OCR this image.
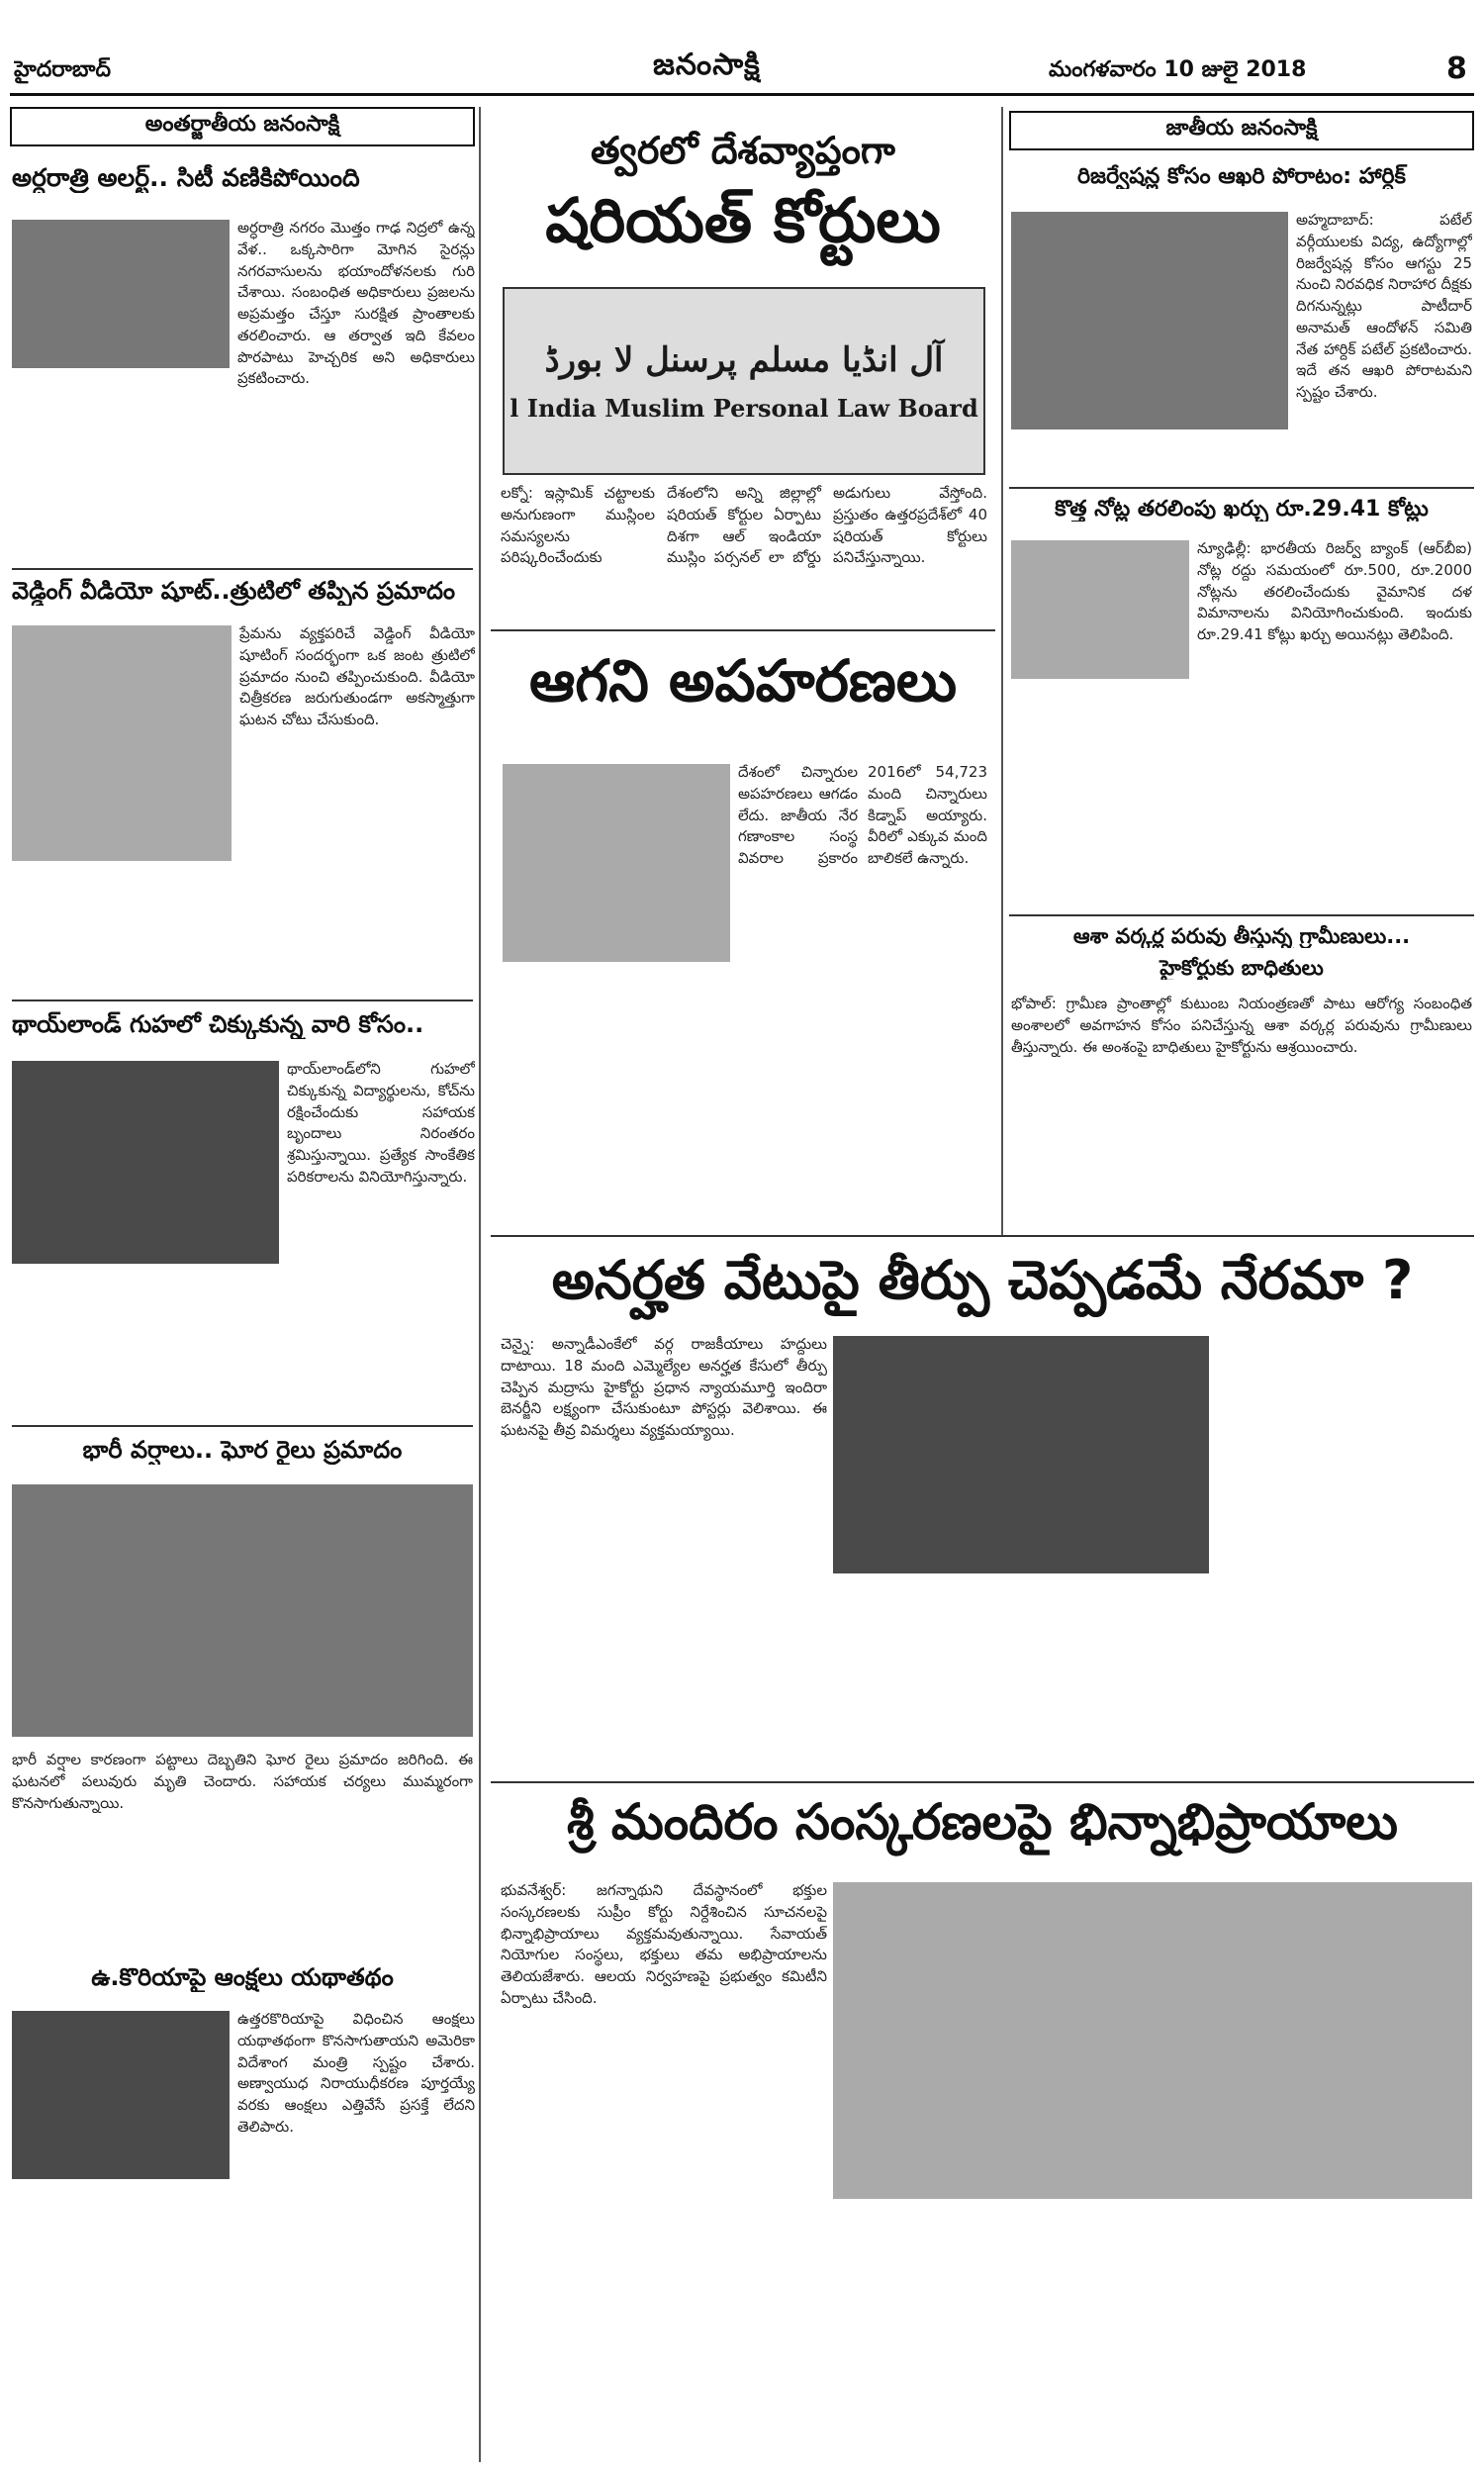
హైదరాబాద్	జనంసాక్షి	మంగళవారం 10 జులై 2018	8
అంతర్జాతీయ జనంసాక్షి	జాతీయ జనంసాక్షి
అర్ధరాత్రి అలర్ట్.. సిటీ వణికిపోయింది
అర్ధరాత్రి నగరం మొత్తం గాఢ నిద్రలో ఉన్న వేళ.. ఒక్కసారిగా మోగిన సైరన్లు నగరవాసులను భయాందోళనలకు గురి చేశాయి. సంబంధిత అధికారులు ప్రజలను అప్రమత్తం చేస్తూ సురక్షిత ప్రాంతాలకు తరలించారు. ఆ తర్వాత ఇది కేవలం పొరపాటు హెచ్చరిక అని అధికారులు ప్రకటించారు.
వెడ్డింగ్ వీడియో షూట్..త్రుటిలో తప్పిన ప్రమాదం
ప్రేమను వ్యక్తపరిచే వెడ్డింగ్ వీడియో షూటింగ్ సందర్భంగా ఒక జంట త్రుటిలో ప్రమాదం నుంచి తప్పించుకుంది. వీడియో చిత్రీకరణ జరుగుతుండగా అకస్మాత్తుగా ఘటన చోటు చేసుకుంది.
థాయ్‌లాండ్ గుహలో చిక్కుకున్న వారి కోసం..
థాయ్‌లాండ్‌లోని గుహలో చిక్కుకున్న విద్యార్థులను, కోచ్‌ను రక్షించేందుకు సహాయక బృందాలు నిరంతరం శ్రమిస్తున్నాయి. ప్రత్యేక సాంకేతిక పరికరాలను వినియోగిస్తున్నారు.
భారీ వర్షాలు.. ఘోర రైలు ప్రమాదం
భారీ వర్షాల కారణంగా పట్టాలు దెబ్బతిని ఘోర రైలు ప్రమాదం జరిగింది. ఈ ఘటనలో పలువురు మృతి చెందారు. సహాయక చర్యలు ముమ్మరంగా కొనసాగుతున్నాయి.
ఉ.కొరియాపై ఆంక్షలు యథాతథం
ఉత్తరకొరియాపై విధించిన ఆంక్షలు యథాతథంగా కొనసాగుతాయని అమెరికా విదేశాంగ మంత్రి స్పష్టం చేశారు. అణ్వాయుధ నిరాయుధీకరణ పూర్తయ్యే వరకు ఆంక్షలు ఎత్తివేసే ప్రసక్తే లేదని తెలిపారు.
త్వరలో దేశవ్యాప్తంగా
షరియత్ కోర్టులు
آل انڈیا مسلم پرسنل لا بورڈ
l India Muslim Personal Law Board
లక్నో: ఇస్లామిక్ చట్టాలకు అనుగుణంగా ముస్లింల సమస్యలను పరిష్కరించేందుకు దేశంలోని అన్ని జిల్లాల్లో షరియత్ కోర్టుల ఏర్పాటు దిశగా ఆల్ ఇండియా ముస్లిం పర్సనల్ లా బోర్డు అడుగులు వేస్తోంది. ప్రస్తుతం ఉత్తరప్రదేశ్‌లో 40 షరియత్ కోర్టులు పనిచేస్తున్నాయి.
ఆగని అపహరణలు
దేశంలో చిన్నారుల అపహరణలు ఆగడం లేదు. జాతీయ నేర గణాంకాల సంస్థ వివరాల ప్రకారం 2016లో 54,723 మంది చిన్నారులు కిడ్నాప్ అయ్యారు. వీరిలో ఎక్కువ మంది బాలికలే ఉన్నారు.
అనర్హత వేటుపై తీర్పు చెప్పడమే నేరమా ?
చెన్నై: అన్నాడీఎంకేలో వర్గ రాజకీయాలు హద్దులు దాటాయి. 18 మంది ఎమ్మెల్యేల అనర్హత కేసులో తీర్పు చెప్పిన మద్రాసు హైకోర్టు ప్రధాన న్యాయమూర్తి ఇందిరా బెనర్జీని లక్ష్యంగా చేసుకుంటూ పోస్టర్లు వెలిశాయి. ఈ ఘటనపై తీవ్ర విమర్శలు వ్యక్తమయ్యాయి.
శ్రీ మందిరం సంస్కరణలపై భిన్నాభిప్రాయాలు
భువనేశ్వర్: జగన్నాథుని దేవస్థానంలో భక్తుల సంస్కరణలకు సుప్రీం కోర్టు నిర్దేశించిన సూచనలపై భిన్నాభిప్రాయాలు వ్యక్తమవుతున్నాయి. సేవాయత్ నియోగుల సంస్థలు, భక్తులు తమ అభిప్రాయాలను తెలియజేశారు. ఆలయ నిర్వహణపై ప్రభుత్వం కమిటీని ఏర్పాటు చేసింది.
రిజర్వేషన్ల కోసం ఆఖరి పోరాటం: హార్దిక్
అహ్మదాబాద్: పటేల్ వర్గీయులకు విద్య, ఉద్యోగాల్లో రిజర్వేషన్ల కోసం ఆగస్టు 25 నుంచి నిరవధిక నిరాహార దీక్షకు దిగనున్నట్లు పాటీదార్ అనామత్ ఆందోళన్ సమితి నేత హార్దిక్ పటేల్ ప్రకటించారు. ఇదే తన ఆఖరి పోరాటమని స్పష్టం చేశారు.
కొత్త నోట్ల తరలింపు ఖర్చు రూ.29.41 కోట్లు
న్యూఢిల్లీ: భారతీయ రిజర్వ్ బ్యాంక్ (ఆర్‌బీఐ) నోట్ల రద్దు సమయంలో రూ.500, రూ.2000 నోట్లను తరలించేందుకు వైమానిక దళ విమానాలను వినియోగించుకుంది. ఇందుకు రూ.29.41 కోట్లు ఖర్చు అయినట్లు తెలిపింది.
ఆశా వర్కర్ల పరువు తీస్తున్న గ్రామీణులు...
హైకోర్టుకు బాధితులు
భోపాల్: గ్రామీణ ప్రాంతాల్లో కుటుంబ నియంత్రణతో పాటు ఆరోగ్య సంబంధిత అంశాలలో అవగాహన కోసం పనిచేస్తున్న ఆశా వర్కర్ల పరువును గ్రామీణులు తీస్తున్నారు. ఈ అంశంపై బాధితులు హైకోర్టును ఆశ్రయించారు.
